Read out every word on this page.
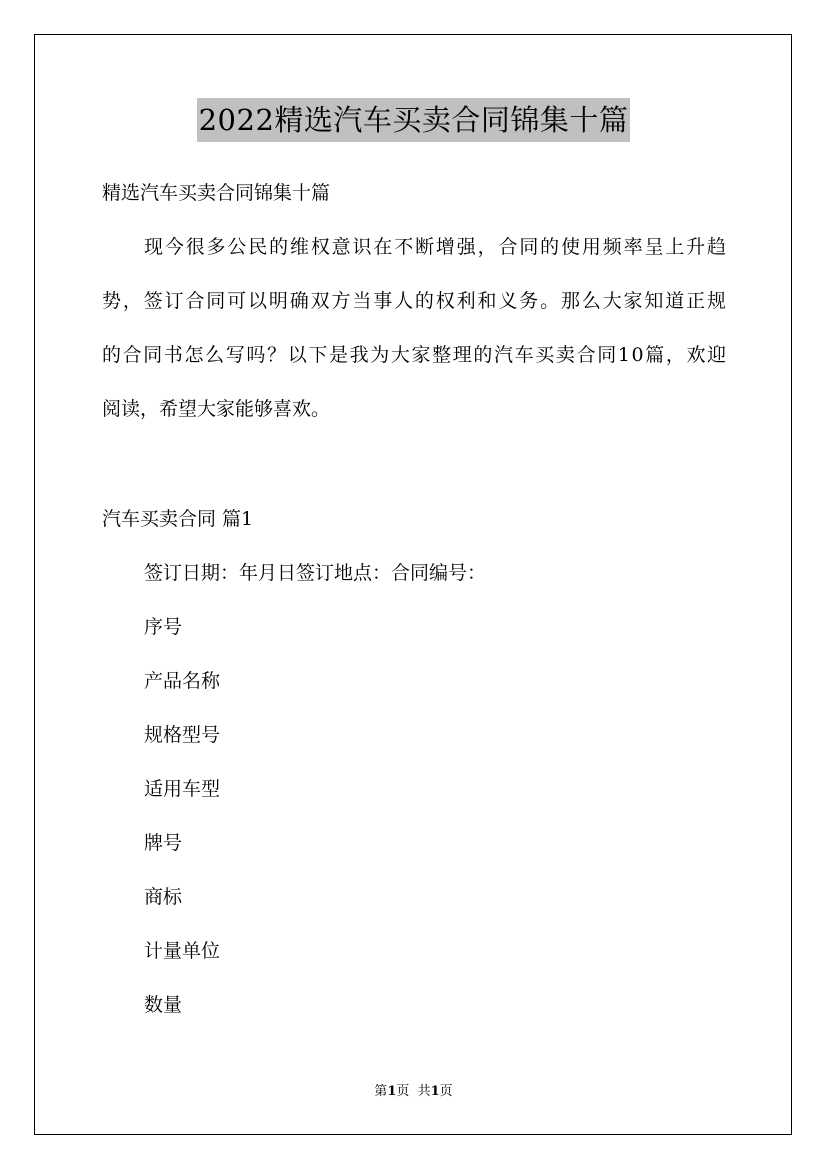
2022精选汽车买卖合同锦集十篇
精选汽车买卖合同锦集十篇
现今很多公民的维权意识在不断增强，合同的使用频率呈上升趋
势，签订合同可以明确双方当事人的权利和义务。那么大家知道正规
的合同书怎么写吗？以下是我为大家整理的汽车买卖合同10篇，欢迎
阅读，希望大家能够喜欢。
汽车买卖合同 篇1
签订日期：年月日签订地点：合同编号：
序号
产品名称
规格型号
适用车型
牌号
商标
计量单位
数量
第1页  共1页
